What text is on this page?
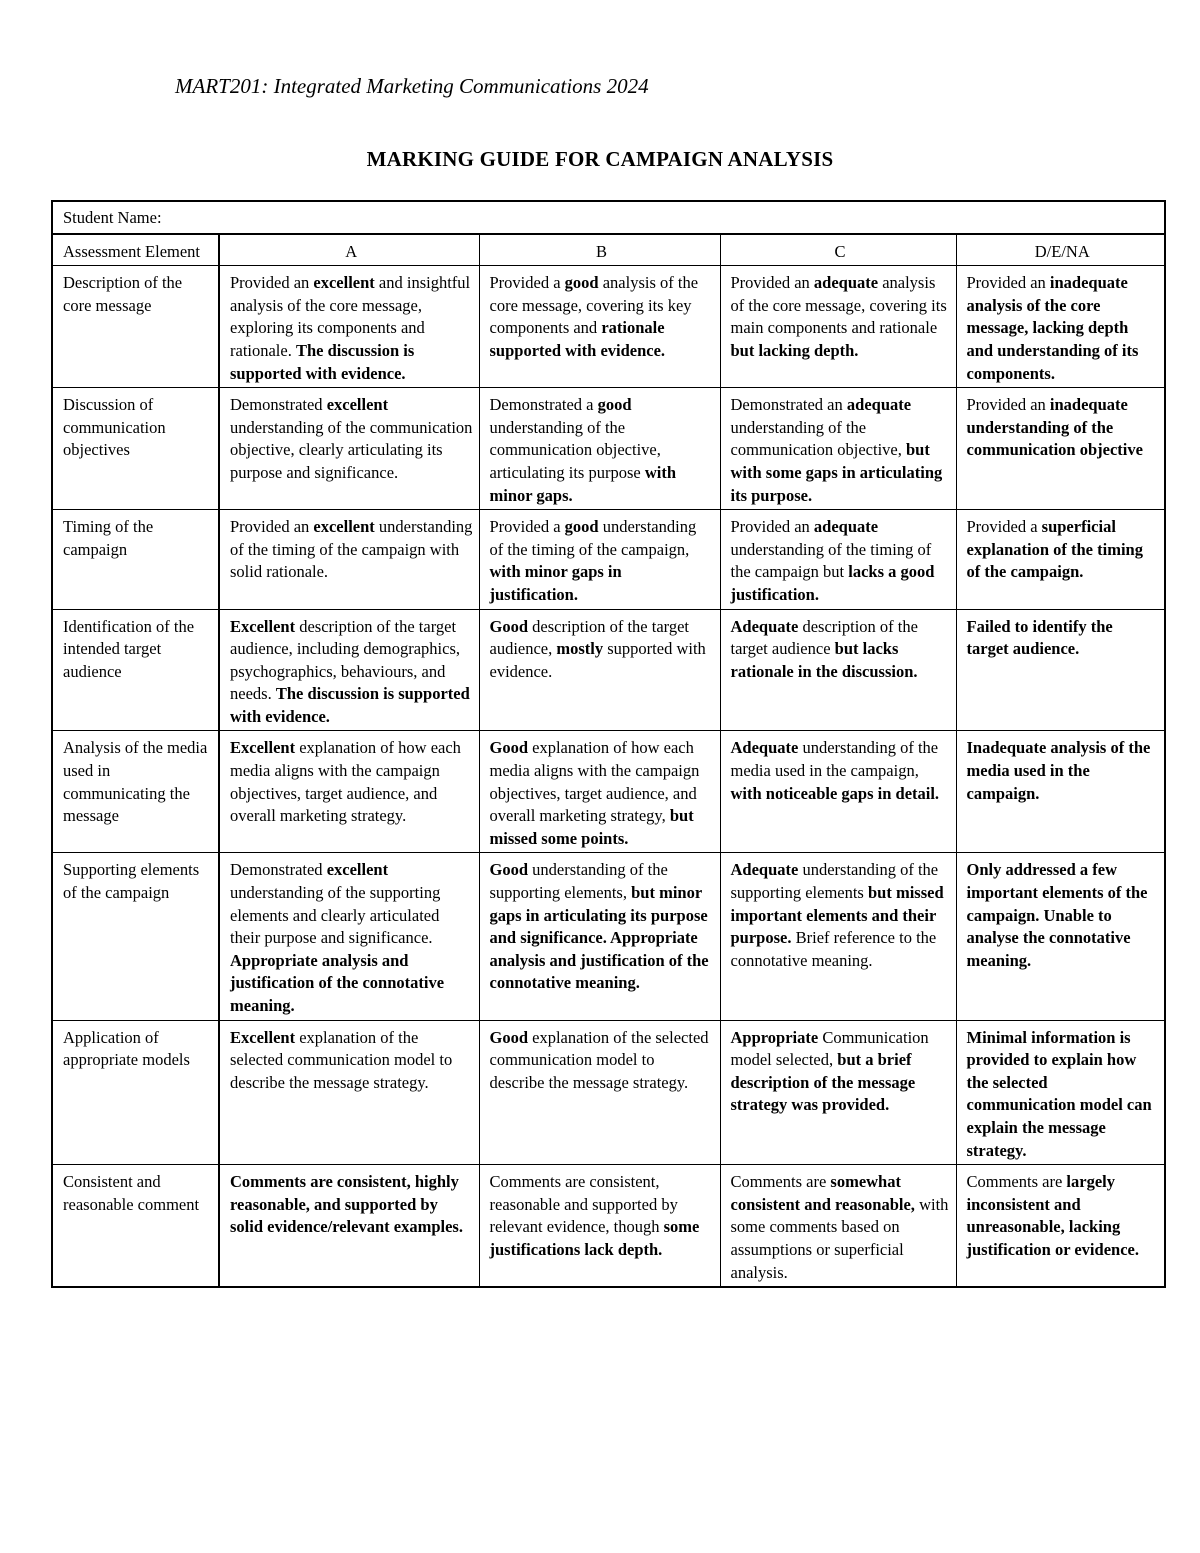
MART201: Integrated Marketing Communications 2024
MARKING GUIDE FOR CAMPAIGN ANALYSIS
Student Name:				
Assessment Element	A	B	C	D/E/NA
Description of the core message	Provided an excellent and insightful analysis of the core message, exploring its components and rationale. The discussion is supported with evidence.	Provided a good analysis of the core message, covering its key components and rationale supported with evidence.	Provided an adequate analysis of the core message, covering its main components and rationale but lacking depth.	Provided an inadequate analysis of the core message, lacking depth and understanding of its components.
Discussion of communication objectives	Demonstrated excellent understanding of the communication objective, clearly articulating its purpose and significance.	Demonstrated a good understanding of the communication objective, articulating its purpose with minor gaps.	Demonstrated an adequate understanding of the communication objective, but with some gaps in articulating its purpose.	Provided an inadequate understanding of the communication objective
Timing of the campaign	Provided an excellent understanding of the timing of the campaign with solid rationale.	Provided a good understanding of the timing of the campaign, with minor gaps in justification.	Provided an adequate understanding of the timing of the campaign but lacks a good justification.	Provided a superficial explanation of the timing of the campaign.
Identification of the intended target audience	Excellent description of the target audience, including demographics, psychographics, behaviours, and needs. The discussion is supported with evidence.	Good description of the target audience, mostly supported with evidence.	Adequate description of the target audience but lacks rationale in the discussion.	Failed to identify the target audience.
Analysis of the media used in communicating the message	Excellent explanation of how each media aligns with the campaign objectives, target audience, and overall marketing strategy.	Good explanation of how each media aligns with the campaign objectives, target audience, and overall marketing strategy, but missed some points.	Adequate understanding of the media used in the campaign, with noticeable gaps in detail.	Inadequate analysis of the media used in the campaign.
Supporting elements of the campaign	Demonstrated excellent understanding of the supporting elements and clearly articulated their purpose and significance. Appropriate analysis and justification of the connotative meaning.	Good understanding of the supporting elements, but minor gaps in articulating its purpose and significance. Appropriate analysis and justification of the connotative meaning.	Adequate understanding of the supporting elements but missed important elements and their purpose. Brief reference to the connotative meaning.	Only addressed a few important elements of the campaign. Unable to analyse the connotative meaning.
Application of appropriate models	Excellent explanation of the selected communication model to describe the message strategy.	Good explanation of the selected communication model to describe the message strategy.	Appropriate Communication model selected, but a brief description of the message strategy was provided.	Minimal information is provided to explain how the selected communication model can explain the message strategy.
Consistent and reasonable comment	Comments are consistent, highly reasonable, and supported by solid evidence/relevant examples.	Comments are consistent, reasonable and supported by relevant evidence, though some justifications lack depth.	Comments are somewhat consistent and reasonable, with some comments based on assumptions or superficial analysis.	Comments are largely inconsistent and unreasonable, lacking justification or evidence.
